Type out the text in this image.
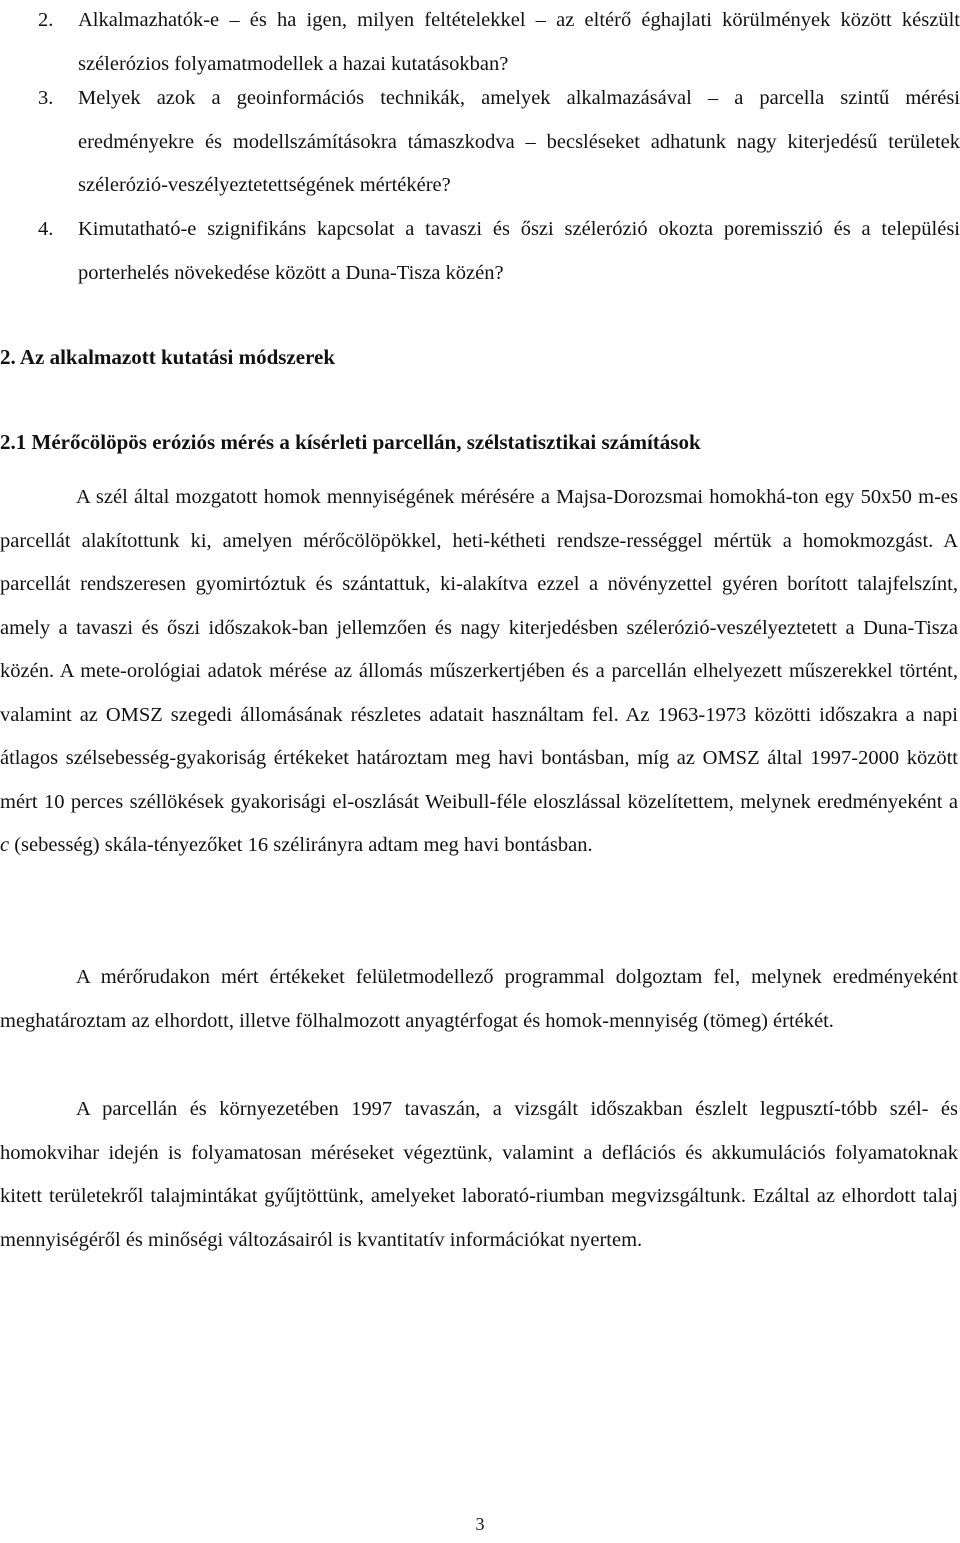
2. Alkalmazhatók-e – és ha igen, milyen feltételekkel – az eltérő éghajlati körülmények között készült szélerózios folyamatmodellek a hazai kutatásokban?
3. Melyek azok a geoinformációs technikák, amelyek alkalmazásával – a parcella szintű mérési eredményekre és modellszámításokra támaszkodva – becsléseket adhatunk nagy kiterjedésű területek szélerózió-veszélyeztetettségének mértékére?
4. Kimutatható-e szignifikáns kapcsolat a tavaszi és őszi szélerózió okozta poremisszió és a települési porterhelés növekedése között a Duna-Tisza közén?
2. Az alkalmazott kutatási módszerek
2.1 Mérőcölöpös eróziós mérés a kísérleti parcellán, szélstatisztikai számítások

A szél által mozgatott homok mennyiségének mérésére a Majsa-Dorozsmai homokhá-ton egy 50x50 m-es parcellát alakítottunk ki, amelyen mérőcölöpökkel, heti-kétheti rendsze-rességgel mértük a homokmozgást. A parcellát rendszeresen gyomirtóztuk és szántattuk, ki-alakítva ezzel a növényzettel gyéren borított talajfelszínt, amely a tavaszi és őszi időszakok-ban jellemzően és nagy kiterjedésben szélerózió-veszélyeztetett a Duna-Tisza közén. A mete-orológiai adatok mérése az állomás műszerkertjében és a parcellán elhelyezett műszerekkel történt, valamint az OMSZ szegedi állomásának részletes adatait használtam fel. Az 1963-1973 közötti időszakra a napi átlagos szélsebesség-gyakoriság értékeket határoztam meg havi bontásban, míg az OMSZ által 1997-2000 között mért 10 perces széllökések gyakorisági el-oszlását Weibull-féle eloszlással közelítettem, melynek eredményeként a c (sebesség) skála-tényezőket 16 szélirányra adtam meg havi bontásban.

A mérőrudakon mért értékeket felületmodellező programmal dolgoztam fel, melynek eredményeként meghatároztam az elhordott, illetve fölhalmozott anyagtérfogat és homok-mennyiség (tömeg) értékét.

A parcellán és környezetében 1997 tavaszán, a vizsgált időszakban észlelt legpusztí-tóbb szél- és homokvihar idején is folyamatosan méréseket végeztünk, valamint a deflációs és akkumulációs folyamatoknak kitett területekről talajmintákat gyűjtöttünk, amelyeket laborató-riumban megvizsgáltunk. Ezáltal az elhordott talaj mennyiségéről és minőségi változásairól is kvantitatív információkat nyertem.

3
